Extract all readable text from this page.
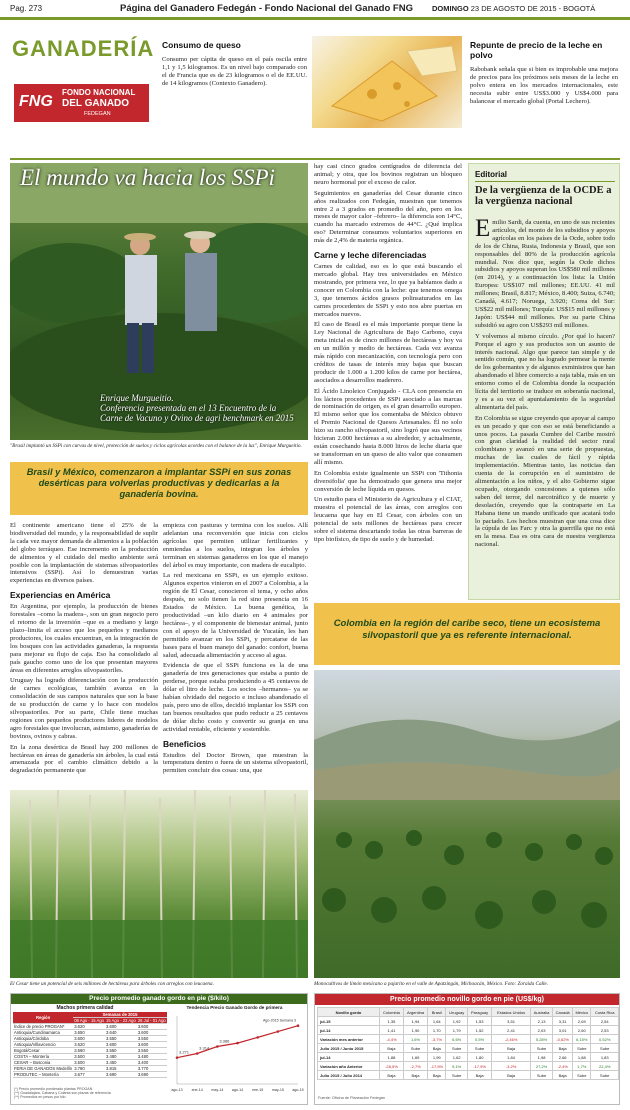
Pag. 273	Página del Ganadero Fedegán - Fondo Nacional del Ganado FNG	DOMINGO 23 DE AGOSTO DE 2015 - BOGOTÁ
GANADERÍA
FNG
FONDO NACIONAL
DEL GANADO
FEDEGAN
Consumo de queso
Consumo per cápita de queso en el país oscila entre 1,1 y 1,5 kilogramos. Es un nivel bajo comparado con el de Francia que es de 23 kilogramos o el de EE.UU. de 14 kilogramos (Contexto Ganadero).
Repunte de precio de la leche en polvo
Rabobank señala que si bien es improbable una mejora de precios para los próximos seis meses de la leche en polvo entera en los mercados internacionales, este necesita subir entre US$3.000 y US$4.000 para balancear el mercado global (Portal Lechero).
El mundo va hacia los SSPi
Enrique Murgueitio.
Conferencia presentada en el 13 Encuentro de la
Carne de Vacuno y Ovino de agri benchmark en 2015
"Brasil implantó un SSPi con curvas de nivel, protección de suelos y ciclos agrícolas acordes con el balance de la luz", Enrique Murgueitio.
Brasil y México, comenzaron a implantar SSPi en sus zonas desérticas para volverlas productivas y dedicarlas a la ganadería bovina.
El continente americano tiene el 25% de la biodiversidad del mundo, y la responsabilidad de suplir la cada vez mayor demanda de alimentos a la población del globo terráqueo. Ese incremento en la producción de alimentos y el cuidado del medio ambiente será posible con la implantación de sistemas silvopastoriles intensivos (SSPi). Así lo demuestran varias experiencias en diversos países.
Experiencias en América
En Argentina, por ejemplo, la producción de bienes forestales –como la madera–, son un gran negocio pero el retorno de la inversión –que es a mediano y largo plazo–limita el acceso que los pequeños y medianos productores, los cuales encuentran, en la integración de los bosques con las actividades ganaderas, la respuesta para mejorar su flujo de caja. Eso ha consolidado al país gaucho como uno de los que presentan mayores áreas en diferentes arreglos silvopastoriles.
Uruguay ha logrado diferenciación con la producción de carnes ecológicas, también avanza en la consolidación de sus campos naturales que son la base de su producción de carne y lo hace con modelos silvopastoriles. Por su parte, Chile tiene muchas regiones con pequeños productores lideres de modelos agro forestales que involucran, asimismo, ganaderías de bovinos, ovinos y cabras.
En la zona desértica de Brasil hay 200 millones de hectáreas en áreas de ganadería sin árboles, la cual está amenazada por el cambio climático debido a la degradación permanente que
empieza con pasturas y termina con los suelos. Allí adelantan una reconversión que inicia con ciclos agrícolas que permiten utilizar fertilizantes y enmiendas a los suelos, integran los árboles y terminan en sistemas ganaderos en los que el manejo del árbol es muy importante, con madera de eucalipto.
La red mexicana en SSPi, es un ejemplo exitoso. Algunos expertos vinieron en el 2007 a Colombia, a la región de El Cesar, conocieron el tema, y ocho años después, no solo tienen la red sino presencia en 16 Estados de México. La buena genética, la productividad –un kilo diario en 4 animales por hectárea–, y el componente de bienestar animal, junto con el apoyo de la Universidad de Yucatán, les han permitido avanzar en los SSPi, y percatarse de las bases para el buen manejo del ganado: confort, buena salud, adecuada alimentación y acceso al agua.
Evidencia de que el SSPi funciona es la de una ganadería de tres generaciones que estaba a punto de perderse, porque estaba produciendo a 45 centavos de dólar el litro de leche. Los socios –hermanos– ya se habían olvidado del negocio e incluso abandonado el país, pero uno de ellos, decidió implantar los SSPi con tan buenos resultados que pudo reducir a 25 centavos de dólar dicho costo y convertir su granja en una actividad rentable, eficiente y sostenible.
Beneficios
Estudios del Doctor Brown, que muestran la temperatura dentro o fuera de un sistema silvopastoril, permiten concluir dos cosas: una, que
hay casi cinco grados centígrados de diferencia del animal; y otra, que los bovinos registran un bloqueo neuro hormonal por el exceso de calor.
Seguimientos en ganaderías del Cesar durante cinco años realizados con Fedegán, muestran que tenemos entre 2 a 3 grados en promedio del año, pero en los meses de mayor calor –febrero– la diferencia son 14°C, cuando ha marcado extremos de 44°C. ¿Qué implica eso? Determinar consumos voluntarios superiores en más de 2,4% de materia orgánica.
Carne y leche diferenciadas
Carnes de calidad, eso es lo que está buscando el mercado global. Hay tres universidades en México mostrando, por primera vez, lo que ya habíamos dado a conocer en Colombia con la leche: que tenemos omega 3, que tenemos ácidos grasos polinsaturados en las carnes procedentes de SSPi y esto nos abre puertas en mercados nuevos.
El caso de Brasil es el más importante porque tiene la Ley Nacional de Agricultura de Bajo Carbono, cuya meta inicial es de cinco millones de hectáreas y hoy va en un millón y medio de hectáreas. Cada vez avanza más rápido con mecanización, con tecnología pero con créditos de tasas de interés muy bajas que buscan producir de 1.000 a 1.200 kilos de carne por hectárea, asociados a desarrollos maderero.
El Ácido Linoleico Conjugado - CLA con presencia en los lácteos procedentes de SSPi asociado a las marcas de nominación de origen, es el gran desarrollo europeo. El mismo señor que los comentaba de México obtuvo el Premio Nacional de Quesos Artesanales. Él no solo hizo su rancho silvopastoril, sino logró que sus vecinos hicieran 2.000 hectáreas a su alrededor, y actualmente, están cosechando hasta 8.000 litros de leche diaria que se transforman en un queso de alto valor que consumen allí mismo.
En Colombia existe igualmente un SSPi con 'Tithonia diversifolia' que ha demostrado que genera una mejor conversión de leche líquida en quesos.
Un estudio para el Ministerio de Agricultura y el CIAT, muestra el potencial de las áreas, con arreglos con leucaena que hay en El Cesar, con árboles con un potencial de seis millones de hectáreas para crecer sobre el sistema descartando todas las otras barreras de tipo biofísico, de tipo de suelo y de humedad.
Editorial
De la vergüenza de la OCDE a la vergüenza nacional
Emilio Sardi, da cuenta, en uno de sus recientes artículos, del monto de los subsidios y apoyos agrícolas en los países de la Ocde, sobre todo de los de China, Rusia, Indonesia y Brasil, que son responsables del 80% de la producción agrícola mundial. Nos dice que, según la Ocde dichos subsidios y apoyos superan los US$580 mil millones (en 2014), y a continuación los lista: la Unión Europea: US$107 mil millones; EE.UU. 41 mil millones; Brasil, 8.817; México, 8.400; Suiza, 6.740; Canadá, 4.617; Noruega, 3.920; Corea del Sur: US$22 mil millones; Turquía: US$15 mil millones y Japón: US$44 mil millones. Por su parte China subsidió su agro con US$293 mil millones.
Y volvemos al mismo círculo. ¿Por qué lo hacen? Porque el agro y sus productos son un asunto de interés nacional. Algo que parece tan simple y de sentido común, que no ha logrado permear la mente de los gobernantes y de algunos exministros que han abandonado el libre comercio a raja tabla, más en un entorno como el de Colombia donde la ocupación lícita del territorio se traduce en soberanía nacional, y es a su vez el apuntalamiento de la seguridad alimentaria del país.
En Colombia se sigue creyendo que apoyar al campo es un pecado y que con eso se está beneficiando a unos pocos. La pasada Cumbre del Caribe mostró con gran claridad la realidad del sector rural colombiano y avanzó en una serie de propuestas, muchas de las cuales de fácil y rápida implementación. Mientras tanto, las noticias dan cuenta de la corrupción en el suministro de alimentación a los niños, y el alto Gobierno sigue ocupado, otorgando concesiones a quienes sólo saben del terror, del narcotráfico y de muerte y desolación, creyendo que la contraparte en La Habana tiene un mando unificado que acatará todo lo pactado. Los hechos muestran que una cosa dice la cúpula de las Farc y otra la guerrilla que no está en la mesa. Esa es otra cara de nuestra vergüenza nacional.
Colombia en la región del caribe seco, tiene un ecosistema silvopastoril que ya es referente internacional.
El Cesar tiene un potencial de seis millones de hectáreas para árboles con arreglos con leucaena.	Monocultivos de limón mexicano a pajarito en el valle de Apatzingán, Michoacán, México. Foto: Zoraida Calle.
Precio promedio ganado gordo en pie ($/kilo)
Machos primera calidad
Región	Semanas de 2015		
	08 Ago - 15 Ago	15 Ago - 22 Ago	26 Jul - 01 Ago
Índice de precio PROGAN*	3.620	3.600	3.600
Antioquia/Cundinamarca	3.650	3.640	3.600
Antioquia/Córdoba	3.600	3.550	3.550
Antioquia/Villavicencio	3.620	3.600	3.600
Bogotá/Cesar	3.560	3.550	3.550
COSTA – Montería	3.500	3.480	3.480
CESAR – Bosconia	3.500	3.450	3.400
FERIA DE GANADOS Medellín	3.780	3.815	3.770
PRODUTEC – Montería	3.677	3.690	3.690
(*) Precio promedio ponderado plantas PROGAN
(**) Guadalajara, Cabana y Colanta son plazas de referencia
(**) Promedios en pesos por kilo
Tendencia Precio Ganado Gordo de primera
ago-13 ene-14 may-14 ago-14 ene-15 may-15 ago-15
3.271
3.314
3.386
Ago-2015 Semana 3
Precio promedio novillo gordo en pie (US$/kg)
Novillo gordo	Colombia	Argentina	Brasil	Uruguay	Paraguay	Estados Unidos	Australia	Canadá	México	Costa Rica
jul-15	1,35	1,94	1,64	1,92	1,53	3,51	2,13	3,31	2,69	2,54
jul-14	1,41	1,90	1,70	1,79	1,52	2,41	2,03	3,01	2,60	2,53
Variación mes anterior	-4,4%	1,6%	-3,7%	6,6%	0,5%	-2,46%	5,28%	-0,62%	6,15%	0,52%
Julio 2015 / Junio 2015	Baja	Sube	Baja	Sube	Sube	Baja	Sube	Baja	Sube	Sube
jul-14	1,88	1,69	1,99	1,62	1,80	1,84	1,98	2,66	1,88	1,83
Variación año Anterior	-28,5%	-2,7%	-17,5%	9,1%	-17,9%	-3,2%	27,2%	-2,4%	1,7%	22,4%
Julio 2015 / Julio 2014	Baja	Baja	Baja	Sube	Baja	Baja	Sube	Baja	Sube	Sube
Fuente: Oficina de Planeación Fedegán
